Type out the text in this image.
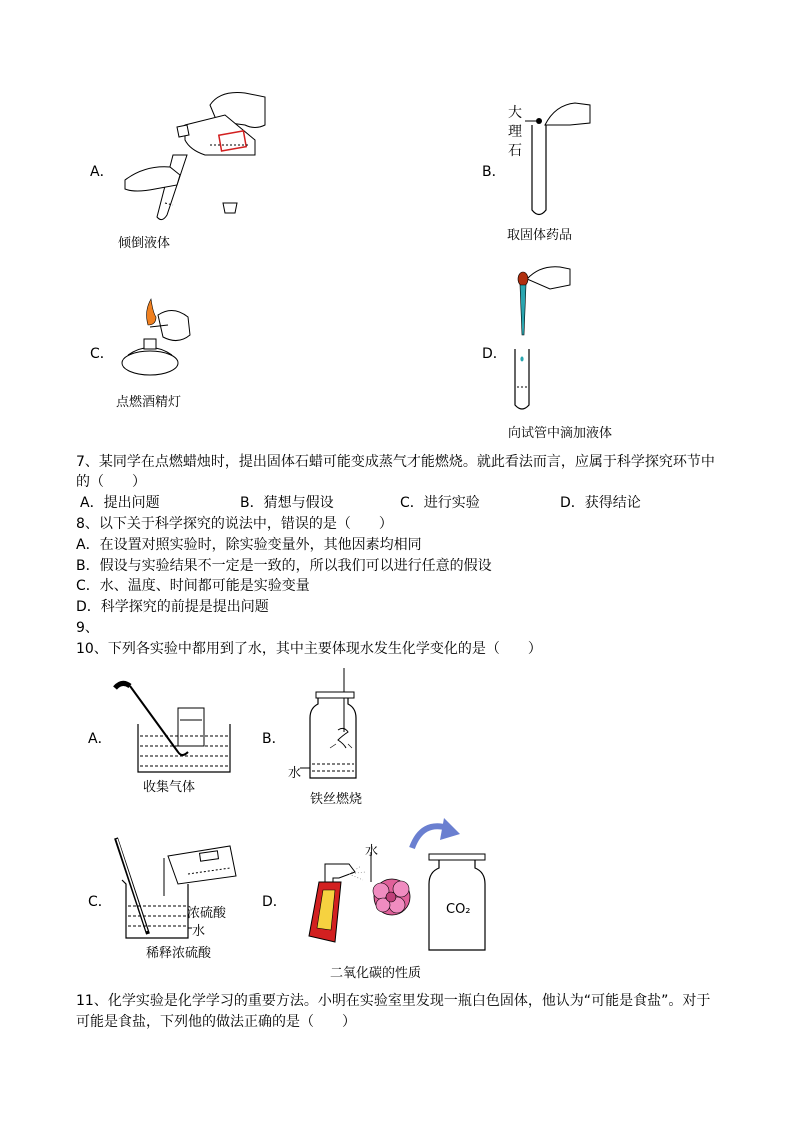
A．
倾倒液体
B．
大
理
石
取固体药品
C．
点燃酒精灯
D．
向试管中滴加液体
7、某同学在点燃蜡烛时，提出固体石蜡可能变成蒸气才能燃烧。就此看法而言，应属于科学探究环节中
的（　　）
A．提出问题	B．猜想与假设	C．进行实验	D．获得结论
8、以下关于科学探究的说法中，错误的是（　　）
A．在设置对照实验时，除实验变量外，其他因素均相同
B．假设与实验结果不一定是一致的，所以我们可以进行任意的假设
C．水、温度、时间都可能是实验变量
D．科学探究的前提是提出问题
9、
10、下列各实验中都用到了水，其中主要体现水发生化学变化的是（　　）
A．
收集气体
B．
水
铁丝燃烧
C．
浓硫酸
水
稀释浓硫酸
D．
水
CO₂
二氧化碳的性质
11、化学实验是化学学习的重要方法。小明在实验室里发现一瓶白色固体，他认为“可能是食盐”。对于
可能是食盐，下列他的做法正确的是（　　）
